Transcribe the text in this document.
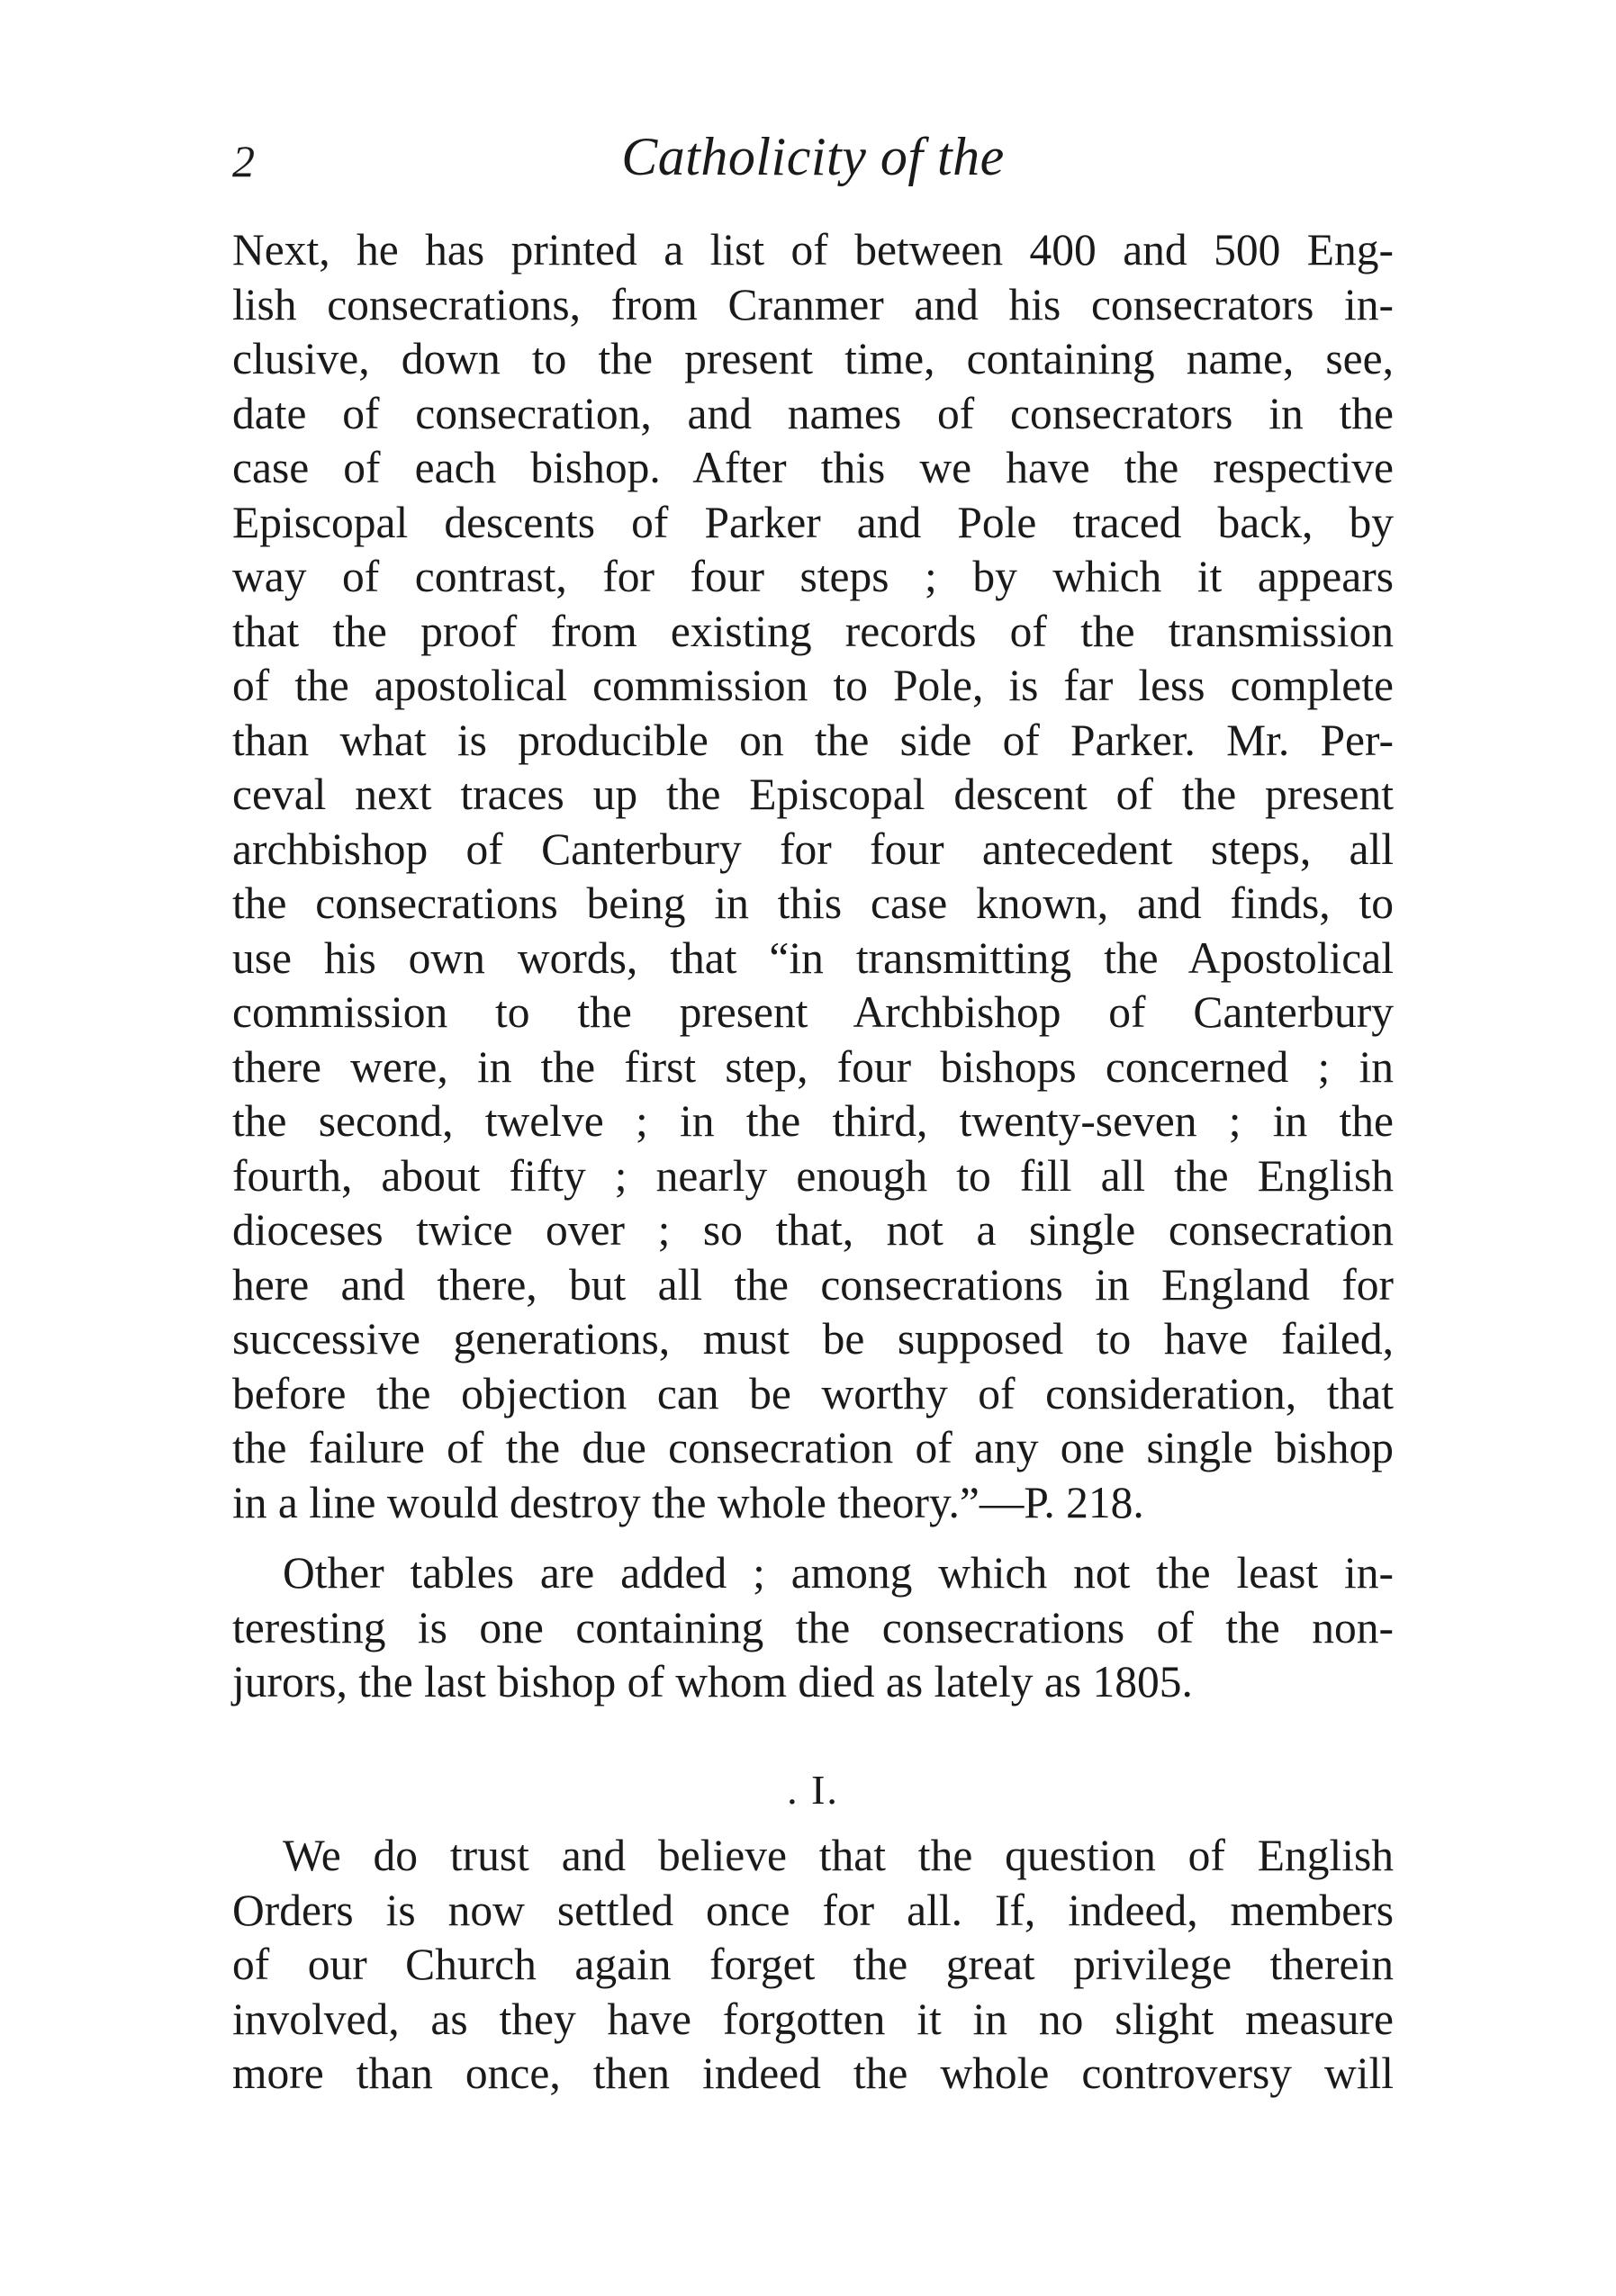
2	Catholicity of the
Next, he has printed a list of between 400 and 500 Eng-
lish consecrations, from Cranmer and his consecrators in-
clusive, down to the present time, containing name, see,
date of consecration, and names of consecrators in the
case of each bishop. After this we have the respective
Episcopal descents of Parker and Pole traced back, by
way of contrast, for four steps ; by which it appears
that the proof from existing records of the transmission
of the apostolical commission to Pole, is far less complete
than what is producible on the side of Parker. Mr. Per-
ceval next traces up the Episcopal descent of the present
archbishop of Canterbury for four antecedent steps, all
the consecrations being in this case known, and finds, to
use his own words, that “in transmitting the Apostolical
commission to the present Archbishop of Canterbury
there were, in the first step, four bishops concerned ; in
the second, twelve ; in the third, twenty-seven ; in the
fourth, about fifty ; nearly enough to fill all the English
dioceses twice over ; so that, not a single consecration
here and there, but all the consecrations in England for
successive generations, must be supposed to have failed,
before the objection can be worthy of consideration, that
the failure of the due consecration of any one single bishop
in a line would destroy the whole theory.”—P. 218.
Other tables are added ; among which not the least in-
teresting is one containing the consecrations of the non-
jurors, the last bishop of whom died as lately as 1805.
. I.
We do trust and believe that the question of English
Orders is now settled once for all. If, indeed, members
of our Church again forget the great privilege therein
involved, as they have forgotten it in no slight measure
more than once, then indeed the whole controversy will
